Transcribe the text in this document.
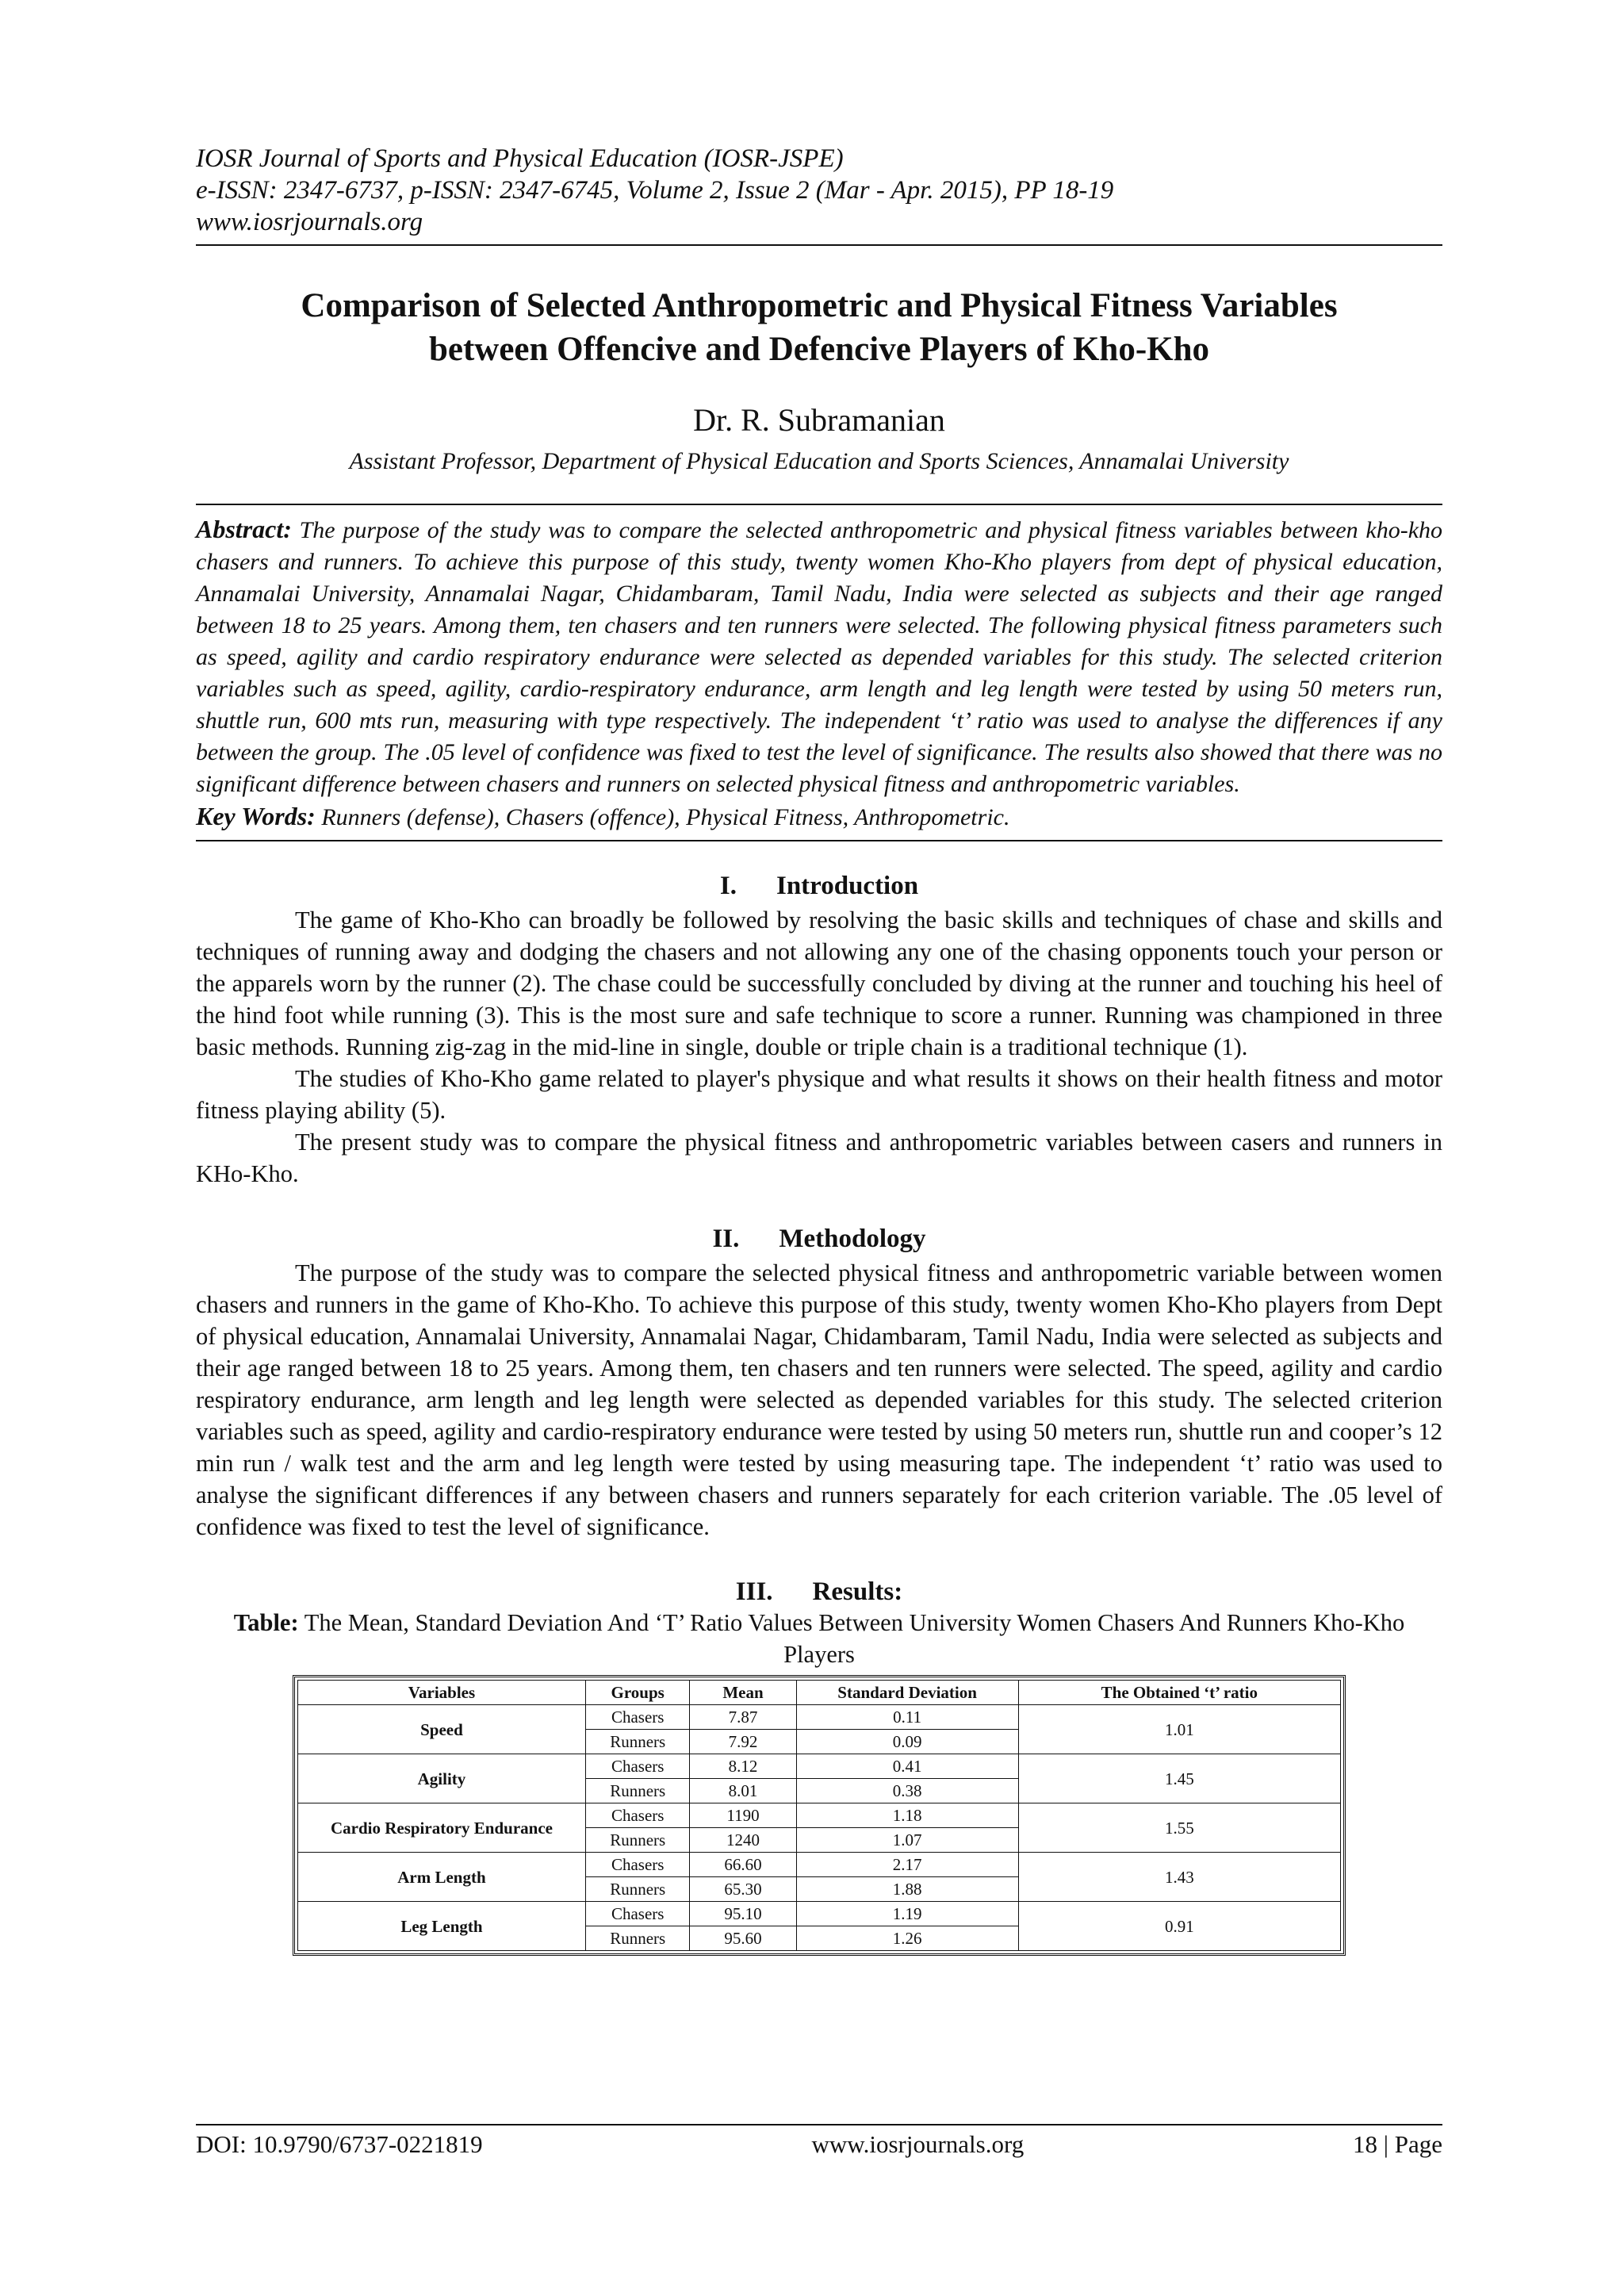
IOSR Journal of Sports and Physical Education (IOSR-JSPE)
e-ISSN: 2347-6737, p-ISSN: 2347-6745, Volume 2, Issue 2 (Mar - Apr. 2015), PP 18-19
www.iosrjournals.org
Comparison of Selected Anthropometric and Physical Fitness Variables
between Offencive and Defencive Players of Kho-Kho
Dr. R. Subramanian
Assistant Professor, Department of Physical Education and Sports Sciences, Annamalai University
Abstract: The purpose of the study was to compare the selected anthropometric and physical fitness variables between kho-kho chasers and runners. To achieve this purpose of this study, twenty women Kho-Kho players from dept of physical education, Annamalai University, Annamalai Nagar, Chidambaram, Tamil Nadu, India were selected as subjects and their age ranged between 18 to 25 years. Among them, ten chasers and ten runners were selected. The following physical fitness parameters such as speed, agility and cardio respiratory endurance were selected as depended variables for this study. The selected criterion variables such as speed, agility, cardio-respiratory endurance, arm length and leg length were tested by using 50 meters run, shuttle run, 600 mts run, measuring with type respectively. The independent ‘t’ ratio was used to analyse the differences if any between the group. The .05 level of confidence was fixed to test the level of significance. The results also showed that there was no significant difference between chasers and runners on selected physical fitness and anthropometric variables.
Key Words: Runners (defense), Chasers (offence), Physical Fitness, Anthropometric.
I. Introduction
The game of Kho-Kho can broadly be followed by resolving the basic skills and techniques of chase and skills and techniques of running away and dodging the chasers and not allowing any one of the chasing opponents touch your person or the apparels worn by the runner (2). The chase could be successfully concluded by diving at the runner and touching his heel of the hind foot while running (3). This is the most sure and safe technique to score a runner. Running was championed in three basic methods. Running zig-zag in the mid-line in single, double or triple chain is a traditional technique (1).
The studies of Kho-Kho game related to player's physique and what results it shows on their health fitness and motor fitness playing ability (5).
The present study was to compare the physical fitness and anthropometric variables between casers and runners in KHo-Kho.
II. Methodology
The purpose of the study was to compare the selected physical fitness and anthropometric variable between women chasers and runners in the game of Kho-Kho. To achieve this purpose of this study, twenty women Kho-Kho players from Dept of physical education, Annamalai University, Annamalai Nagar, Chidambaram, Tamil Nadu, India were selected as subjects and their age ranged between 18 to 25 years. Among them, ten chasers and ten runners were selected. The speed, agility and cardio respiratory endurance, arm length and leg length were selected as depended variables for this study. The selected criterion variables such as speed, agility and cardio-respiratory endurance were tested by using 50 meters run, shuttle run and cooper’s 12 min run / walk test and the arm and leg length were tested by using measuring tape. The independent ‘t’ ratio was used to analyse the significant differences if any between chasers and runners separately for each criterion variable. The .05 level of confidence was fixed to test the level of significance.
III. Results:
Table: The Mean, Standard Deviation And ‘T’ Ratio Values Between University Women Chasers And Runners Kho-Kho Players
Variables	Groups	Mean	Standard Deviation	The Obtained ‘t’ ratio
Speed	Chasers	7.87	0.11	1.01
	Runners	7.92	0.09	
Agility	Chasers	8.12	0.41	1.45
	Runners	8.01	0.38	
Cardio Respiratory Endurance	Chasers	1190	1.18	1.55
	Runners	1240	1.07	
Arm Length	Chasers	66.60	2.17	1.43
	Runners	65.30	1.88	
Leg Length	Chasers	95.10	1.19	0.91
	Runners	95.60	1.26	
DOI: 10.9790/6737-0221819	www.iosrjournals.org	18 | Page
